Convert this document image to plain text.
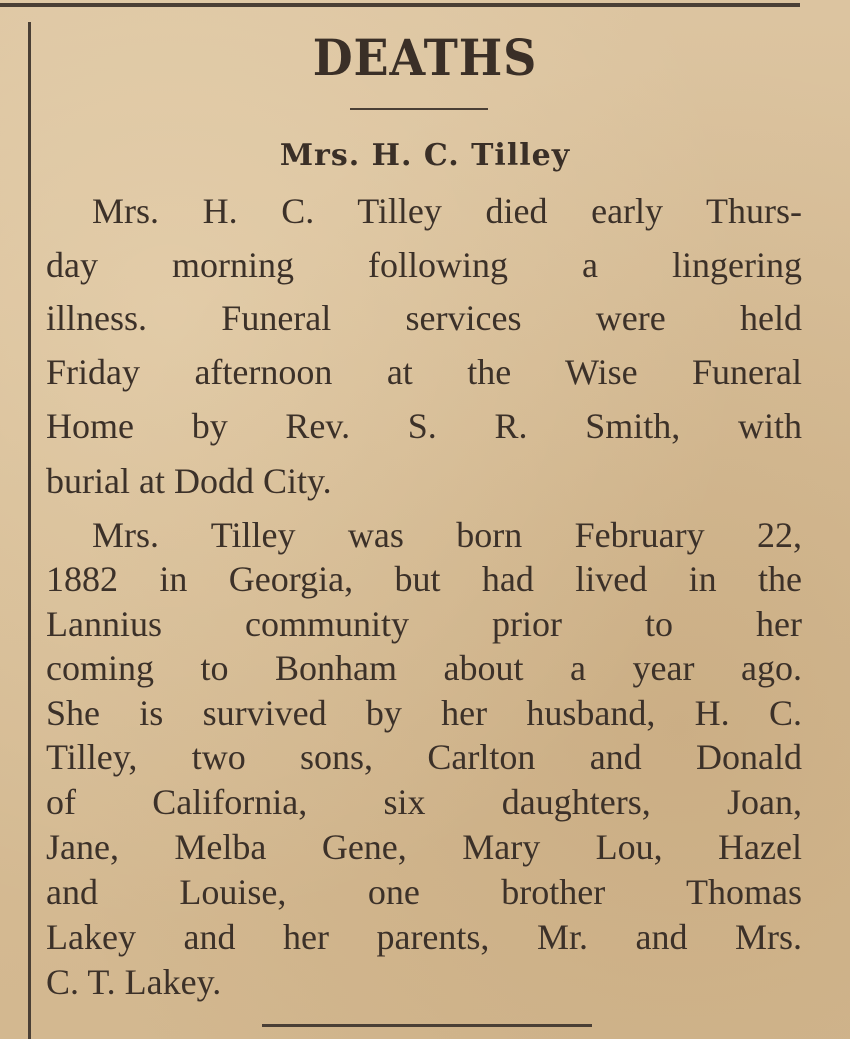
DEATHS
Mrs. H. C. Tilley
Mrs. H. C. Tilley died early Thurs-
day morning following a lingering
illness. Funeral services were held
Friday afternoon at the Wise Funeral
Home by Rev. S. R. Smith, with
burial at Dodd City.
Mrs. Tilley was born February 22,
1882 in Georgia, but had lived in the
Lannius community prior to her
coming to Bonham about a year ago.
She is survived by her husband, H. C.
Tilley, two sons, Carlton and Donald
of California, six daughters, Joan,
Jane, Melba Gene, Mary Lou, Hazel
and Louise, one brother Thomas
Lakey and her parents, Mr. and Mrs.
C. T. Lakey.
